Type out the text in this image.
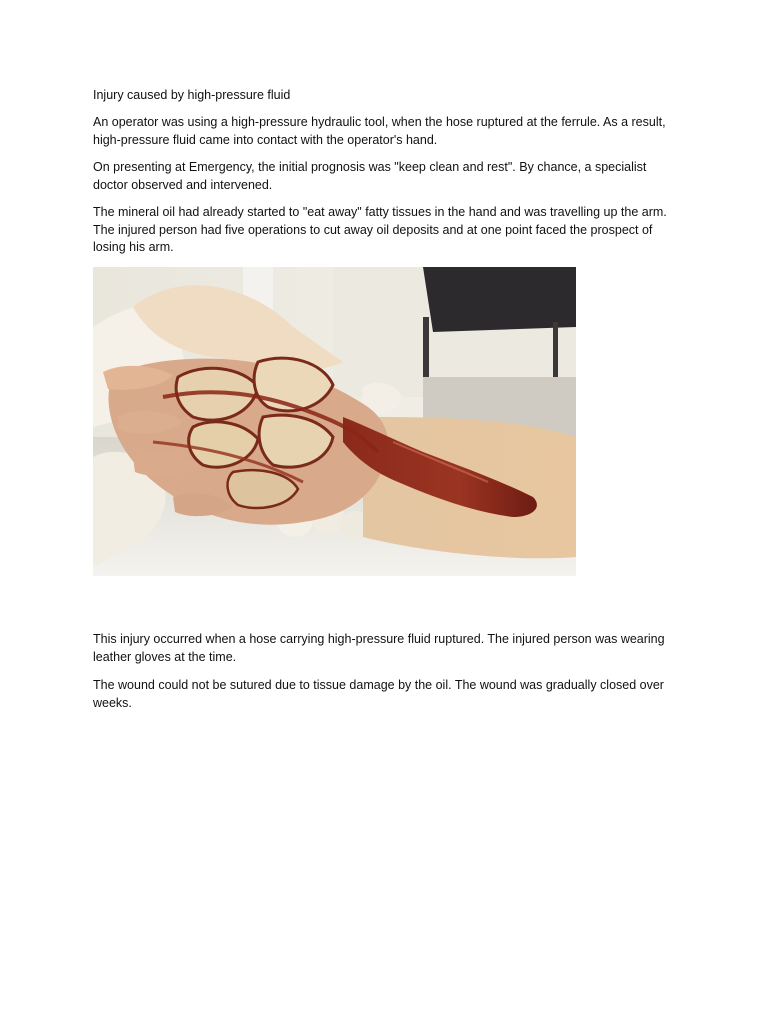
Injury caused by high-pressure fluid

An operator was using a high-pressure hydraulic tool, when the hose ruptured at the ferrule. As a result, high-pressure fluid came into contact with the operator's hand.

On presenting at Emergency, the initial prognosis was "keep clean and rest". By chance, a specialist doctor observed and intervened.

The mineral oil had already started to "eat away" fatty tissues in the hand and was travelling up the arm. The injured person had five operations to cut away oil deposits and at one point faced the prospect of losing his arm.

This injury occurred when a hose carrying high-pressure fluid ruptured. The injured person was wearing leather gloves at the time.

The wound could not be sutured due to tissue damage by the oil. The wound was gradually closed over weeks.
